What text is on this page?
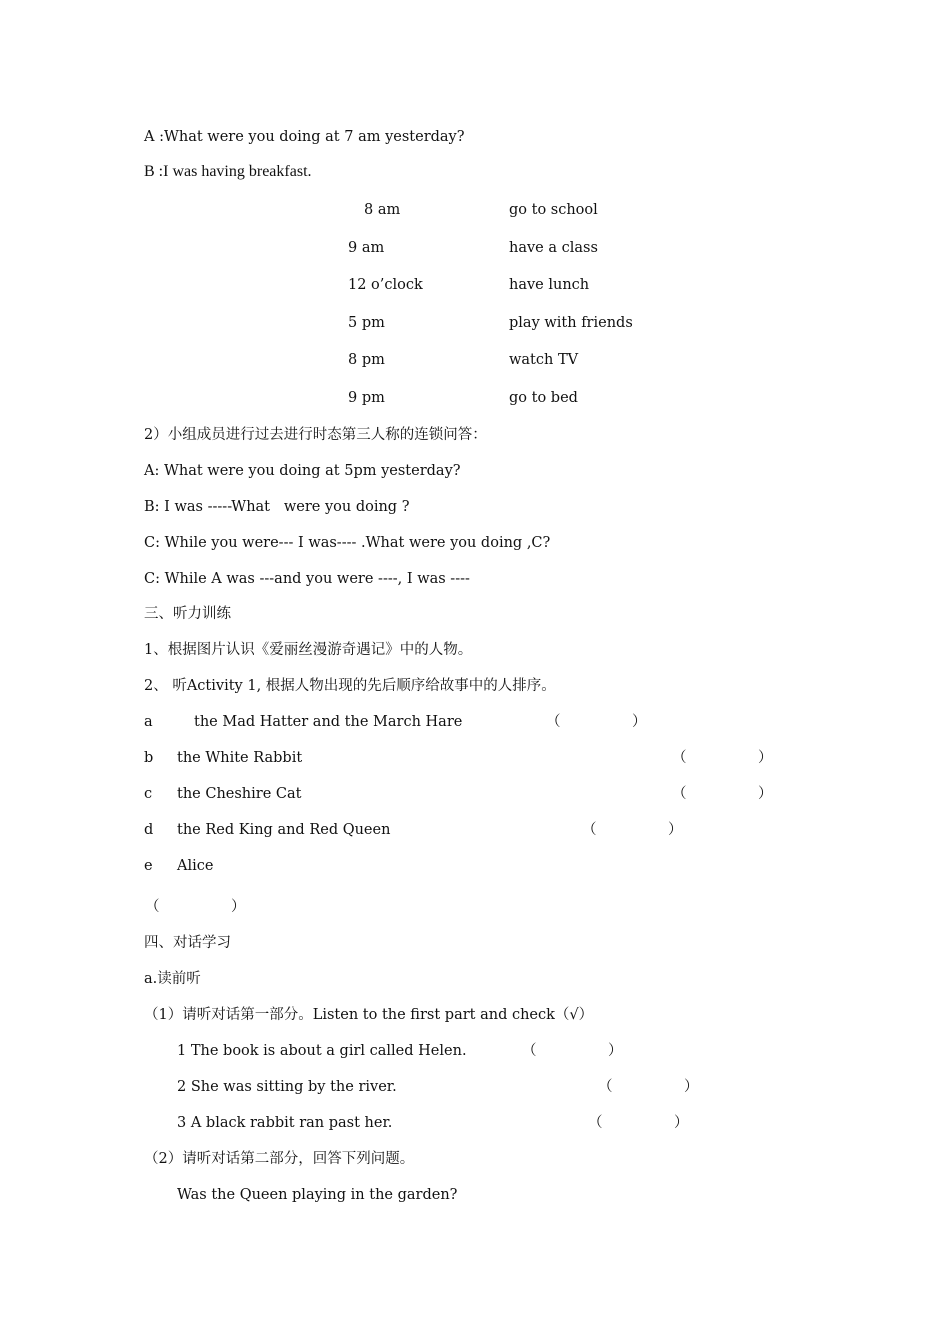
A :What were you doing at 7 am yesterday?
B :I was having breakfast.
8 am	go to school
9 am	have a class
12 o’clock	have lunch
5 pm	play with friends
8 pm	watch TV
9 pm	go to bed
2）小组成员进行过去进行时态第三人称的连锁问答：
A: What were you doing at 5pm yesterday?
B: I was -----What   were you doing ?
C: While you were--- I was---- .What were you doing ,C?
C: While A was ---and you were ----, I was ----
三、听力训练
1、根据图片认识《爱丽丝漫游奇遇记》中的人物。
2、 听Activity 1, 根据人物出现的先后顺序给故事中的人排序。
a	the Mad Hatter and the March Hare	（	）
b the White Rabbit	（	）
c the Cheshire Cat	（	）
d the Red King and Red Queen	（	）
e Alice
（	）
四、对话学习
a.读前听
（1）请听对话第一部分。Listen to the first part and check（√）
1 The book is about a girl called Helen.	（	）
2 She was sitting by the river.	（	）
3 A black rabbit ran past her.	（	）
（2）请听对话第二部分，回答下列问题。
Was the Queen playing in the garden?
